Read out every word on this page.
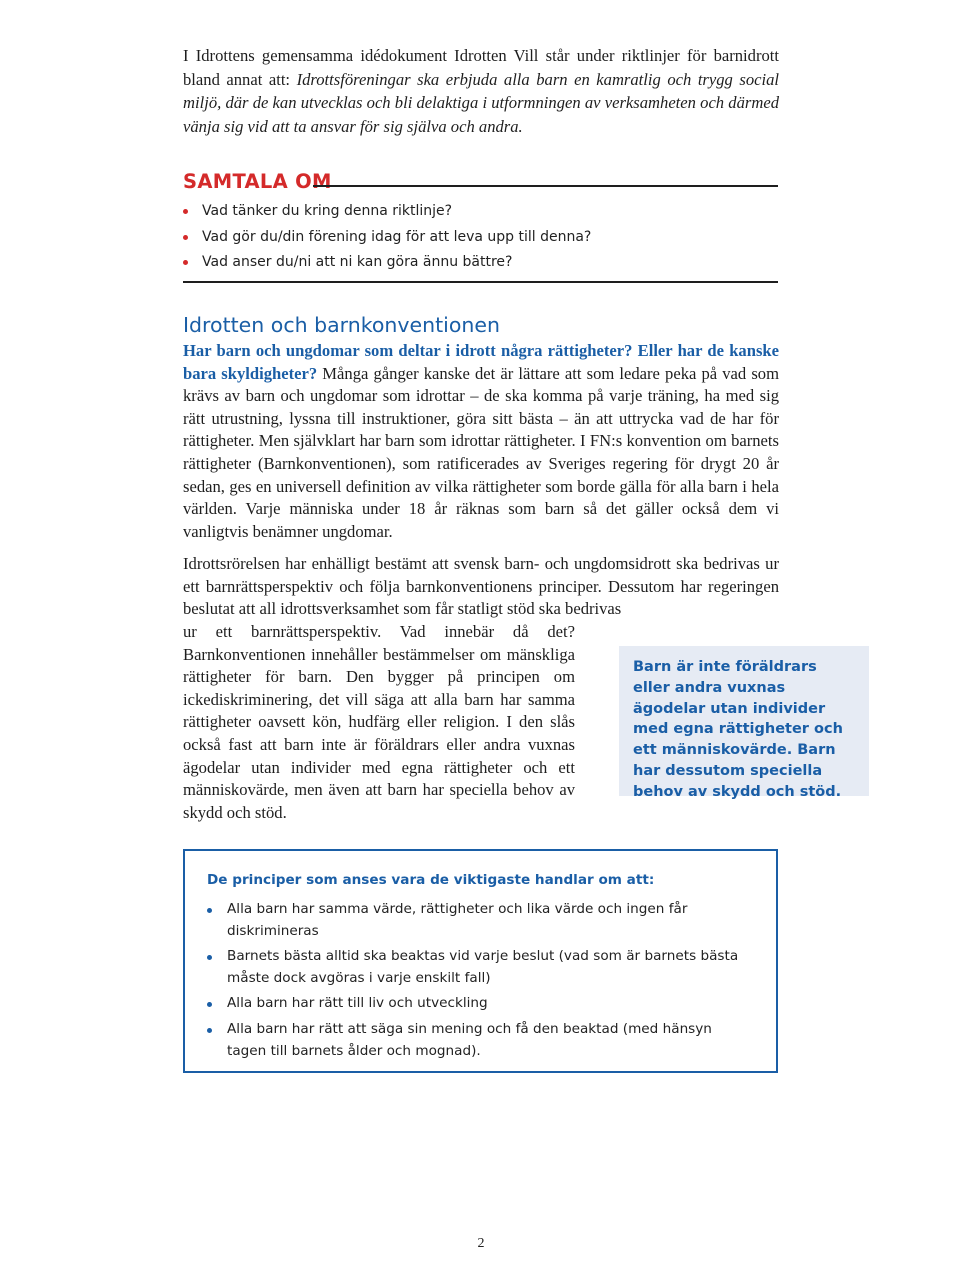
I Idrottens gemensamma idédokument Idrotten Vill står under riktlinjer för barnidrott bland annat att: Idrottsföreningar ska erbjuda alla barn en kamratlig och trygg social miljö, där de kan utvecklas och bli delaktiga i utformningen av verksamheten och därmed vänja sig vid att ta ansvar för sig själva och andra.

SAMTALA OM
Vad tänker du kring denna riktlinje?
Vad gör du/din förening idag för att leva upp till denna?
Vad anser du/ni att ni kan göra ännu bättre?
Idrotten och barnkonventionen

Har barn och ungdomar som deltar i idrott några rättigheter? Eller har de kanske bara skyldigheter? Många gånger kanske det är lättare att som ledare peka på vad som krävs av barn och ungdomar som idrottar – de ska komma på varje träning, ha med sig rätt utrustning, lyssna till instruktioner, göra sitt bästa – än att uttrycka vad de har för rättigheter. Men självklart har barn som idrottar rättigheter. I FN:s konvention om barnets rättigheter (Barnkonventionen), som ratificerades av Sveriges regering för drygt 20 år sedan, ges en universell definition av vilka rättigheter som borde gälla för alla barn i hela världen. Varje människa under 18 år räknas som barn så det gäller också dem vi vanligtvis benämner ungdomar.

Idrottsrörelsen har enhälligt bestämt att svensk barn- och ungdomsidrott ska bedrivas ur ett barnrättsperspektiv och följa barnkonventionens principer. Dessutom har regeringen beslutat att all idrottsverksamhet som får statligt stöd ska bedrivas

ur ett barnrättsperspektiv. Vad innebär då det? Barnkonventionen innehåller bestämmelser om mänskliga rättigheter för barn. Den bygger på principen om ickediskriminering, det vill säga att alla barn har samma rättigheter oavsett kön, hudfärg eller religion. I den slås också fast att barn inte är föräldrars eller andra vuxnas ägodelar utan individer med egna rättigheter och ett människovärde, men även att barn har speciella behov av skydd och stöd.

Barn är inte föräldrars eller andra vuxnas ägodelar utan individer med egna rättigheter och ett människovärde. Barn har dessutom speciella behov av skydd och stöd.

De principer som anses vara de viktigaste handlar om att:

Alla barn har samma värde, rättigheter och lika värde och ingen får diskrimineras
Barnets bästa alltid ska beaktas vid varje beslut (vad som är barnets bästa måste dock avgöras i varje enskilt fall)
Alla barn har rätt till liv och utveckling
Alla barn har rätt att säga sin mening och få den beaktad (med hänsyn tagen till barnets ålder och mognad).

2
